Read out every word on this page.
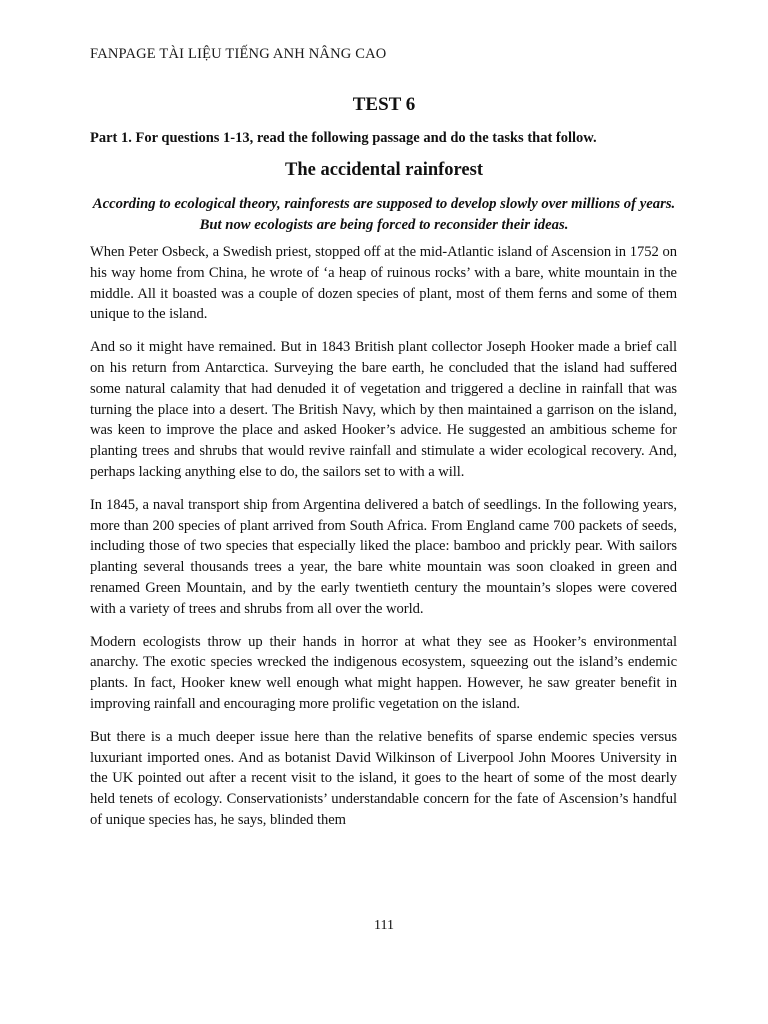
FANPAGE TÀI LIỆU TIẾNG ANH NÂNG CAO
TEST 6
Part 1. For questions 1-13, read the following passage and do the tasks that follow.
The accidental rainforest
According to ecological theory, rainforests are supposed to develop slowly over millions of years. But now ecologists are being forced to reconsider their ideas.

When Peter Osbeck, a Swedish priest, stopped off at the mid-Atlantic island of Ascension in 1752 on his way home from China, he wrote of ‘a heap of ruinous rocks’ with a bare, white mountain in the middle. All it boasted was a couple of dozen species of plant, most of them ferns and some of them unique to the island.

And so it might have remained. But in 1843 British plant collector Joseph Hooker made a brief call on his return from Antarctica. Surveying the bare earth, he concluded that the island had suffered some natural calamity that had denuded it of vegetation and triggered a decline in rainfall that was turning the place into a desert. The British Navy, which by then maintained a garrison on the island, was keen to improve the place and asked Hooker’s advice. He suggested an ambitious scheme for planting trees and shrubs that would revive rainfall and stimulate a wider ecological recovery. And, perhaps lacking anything else to do, the sailors set to with a will.

In 1845, a naval transport ship from Argentina delivered a batch of seedlings. In the following years, more than 200 species of plant arrived from South Africa. From England came 700 packets of seeds, including those of two species that especially liked the place: bamboo and prickly pear. With sailors planting several thousands trees a year, the bare white mountain was soon cloaked in green and renamed Green Mountain, and by the early twentieth century the mountain’s slopes were covered with a variety of trees and shrubs from all over the world.

Modern ecologists throw up their hands in horror at what they see as Hooker’s environmental anarchy. The exotic species wrecked the indigenous ecosystem, squeezing out the island’s endemic plants. In fact, Hooker knew well enough what might happen. However, he saw greater benefit in improving rainfall and encouraging more prolific vegetation on the island.

But there is a much deeper issue here than the relative benefits of sparse endemic species versus luxuriant imported ones. And as botanist David Wilkinson of Liverpool John Moores University in the UK pointed out after a recent visit to the island, it goes to the heart of some of the most dearly held tenets of ecology. Conservationists’ understandable concern for the fate of Ascension’s handful of unique species has, he says, blinded them

111
